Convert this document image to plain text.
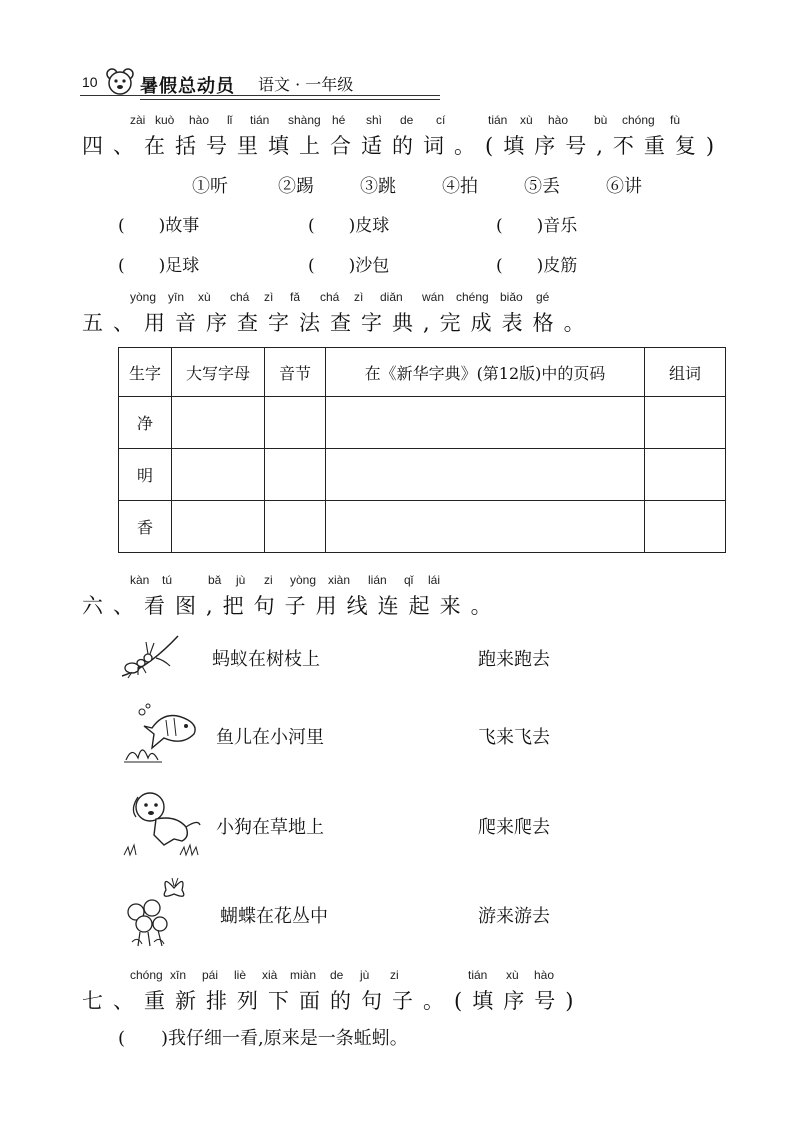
10 暑假总动员 语文 · 一年级
zài kuò hào lǐ tián shàng hé shì de cí	tián xù hào bù chóng fù
四、在括号里填上合适的词。(填序号,不重复)
①听	②踢	③跳	④拍	⑤丢	⑥讲
(　　)故事	(　　)皮球	(　　)音乐
(　　)足球	(　　)沙包	(　　)皮筋
yòng yīn xù chá zì fǎ chá zì diǎn wán chéng biǎo gé
五、用音序查字法查字典,完成表格。
生字	大写字母	音节	在《新华字典》(第12版)中的页码	组词
净				
明				
香				
kàn tú	bǎ jù zi yòng xiàn lián qǐ lái
六、看图,把句子用线连起来。
蚂蚁在树枝上
鱼儿在小河里
小狗在草地上
蝴蝶在花丛中
跑来跑去
飞来飞去
爬来爬去
游来游去
chóng xīn pái liè xià miàn de jù zi	tián xù hào
七、重新排列下面的句子。(填序号)
(　　)我仔细一看,原来是一条蚯蚓。
